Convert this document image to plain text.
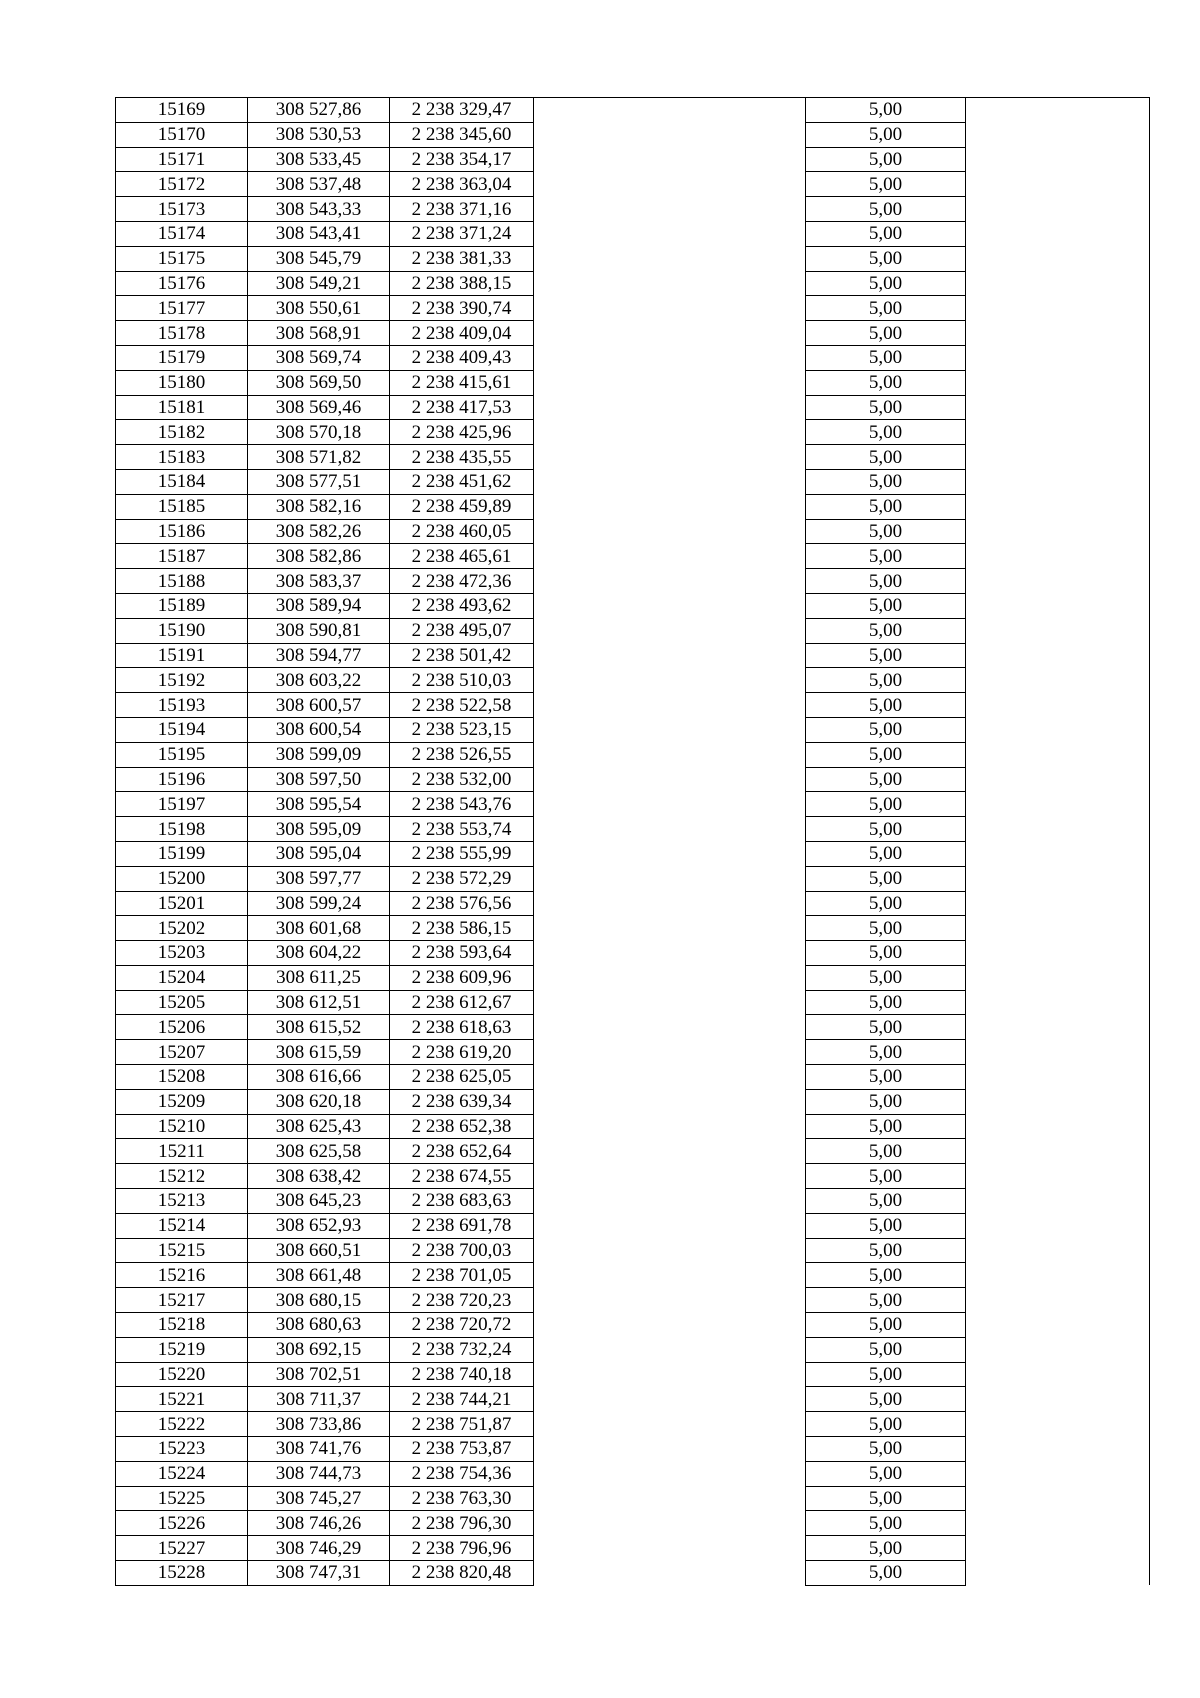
15169	308 527,86	2 238 329,47		5,00	
15170	308 530,53	2 238 345,60		5,00	
15171	308 533,45	2 238 354,17		5,00	
15172	308 537,48	2 238 363,04		5,00	
15173	308 543,33	2 238 371,16		5,00	
15174	308 543,41	2 238 371,24		5,00	
15175	308 545,79	2 238 381,33		5,00	
15176	308 549,21	2 238 388,15		5,00	
15177	308 550,61	2 238 390,74		5,00	
15178	308 568,91	2 238 409,04		5,00	
15179	308 569,74	2 238 409,43		5,00	
15180	308 569,50	2 238 415,61		5,00	
15181	308 569,46	2 238 417,53		5,00	
15182	308 570,18	2 238 425,96		5,00	
15183	308 571,82	2 238 435,55		5,00	
15184	308 577,51	2 238 451,62		5,00	
15185	308 582,16	2 238 459,89		5,00	
15186	308 582,26	2 238 460,05		5,00	
15187	308 582,86	2 238 465,61		5,00	
15188	308 583,37	2 238 472,36		5,00	
15189	308 589,94	2 238 493,62		5,00	
15190	308 590,81	2 238 495,07		5,00	
15191	308 594,77	2 238 501,42		5,00	
15192	308 603,22	2 238 510,03		5,00	
15193	308 600,57	2 238 522,58		5,00	
15194	308 600,54	2 238 523,15		5,00	
15195	308 599,09	2 238 526,55		5,00	
15196	308 597,50	2 238 532,00		5,00	
15197	308 595,54	2 238 543,76		5,00	
15198	308 595,09	2 238 553,74		5,00	
15199	308 595,04	2 238 555,99		5,00	
15200	308 597,77	2 238 572,29		5,00	
15201	308 599,24	2 238 576,56		5,00	
15202	308 601,68	2 238 586,15		5,00	
15203	308 604,22	2 238 593,64		5,00	
15204	308 611,25	2 238 609,96		5,00	
15205	308 612,51	2 238 612,67		5,00	
15206	308 615,52	2 238 618,63		5,00	
15207	308 615,59	2 238 619,20		5,00	
15208	308 616,66	2 238 625,05		5,00	
15209	308 620,18	2 238 639,34		5,00	
15210	308 625,43	2 238 652,38		5,00	
15211	308 625,58	2 238 652,64		5,00	
15212	308 638,42	2 238 674,55		5,00	
15213	308 645,23	2 238 683,63		5,00	
15214	308 652,93	2 238 691,78		5,00	
15215	308 660,51	2 238 700,03		5,00	
15216	308 661,48	2 238 701,05		5,00	
15217	308 680,15	2 238 720,23		5,00	
15218	308 680,63	2 238 720,72		5,00	
15219	308 692,15	2 238 732,24		5,00	
15220	308 702,51	2 238 740,18		5,00	
15221	308 711,37	2 238 744,21		5,00	
15222	308 733,86	2 238 751,87		5,00	
15223	308 741,76	2 238 753,87		5,00	
15224	308 744,73	2 238 754,36		5,00	
15225	308 745,27	2 238 763,30		5,00	
15226	308 746,26	2 238 796,30		5,00	
15227	308 746,29	2 238 796,96		5,00	
15228	308 747,31	2 238 820,48		5,00	
